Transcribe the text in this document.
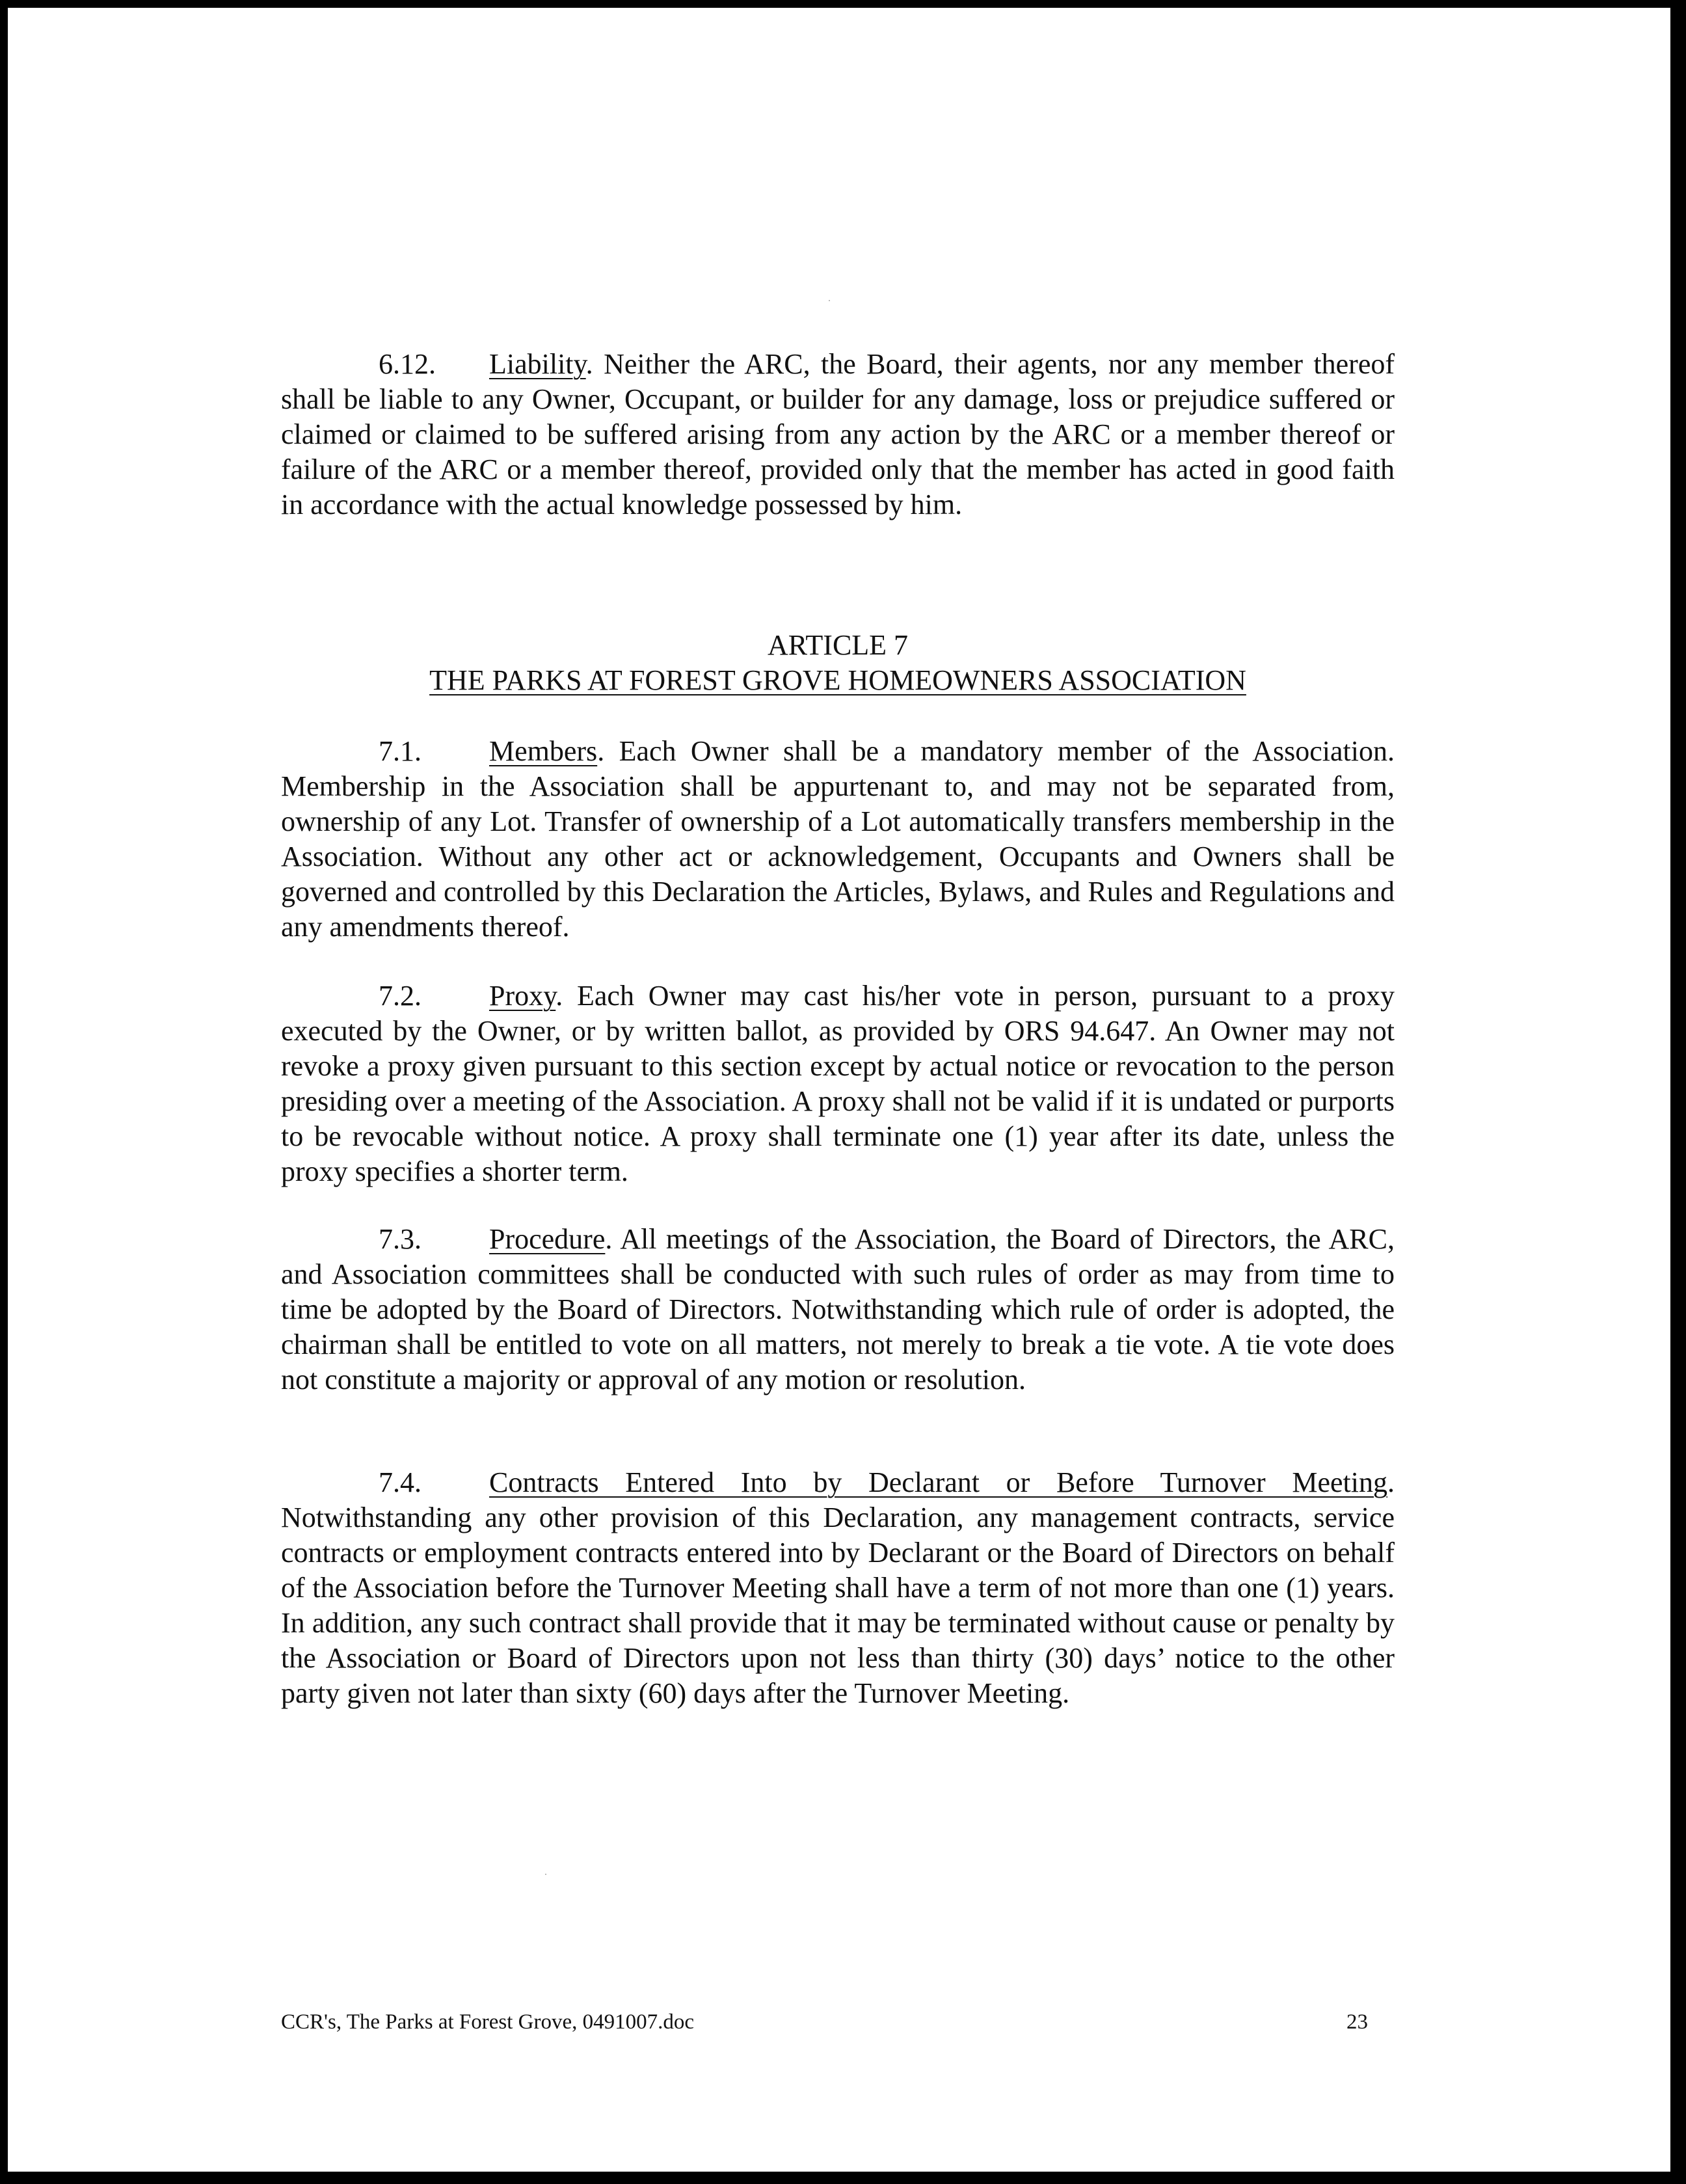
6.12. Liability. Neither the ARC, the Board, their agents, nor any member thereof shall be liable to any Owner, Occupant, or builder for any damage, loss or prejudice suffered or claimed or claimed to be suffered arising from any action by the ARC or a member thereof or failure of the ARC or a member thereof, provided only that the member has acted in good faith in accordance with the actual knowledge possessed by him.

ARTICLE 7
THE PARKS AT FOREST GROVE HOMEOWNERS ASSOCIATION

7.1. Members. Each Owner shall be a mandatory member of the Association. Membership in the Association shall be appurtenant to, and may not be separated from, ownership of any Lot. Transfer of ownership of a Lot automatically transfers membership in the Association. Without any other act or acknowledgement, Occupants and Owners shall be governed and controlled by this Declaration the Articles, Bylaws, and Rules and Regulations and any amendments thereof.

7.2. Proxy. Each Owner may cast his/her vote in person, pursuant to a proxy executed by the Owner, or by written ballot, as provided by ORS 94.647. An Owner may not revoke a proxy given pursuant to this section except by actual notice or revocation to the person presiding over a meeting of the Association. A proxy shall not be valid if it is undated or purports to be revocable without notice. A proxy shall terminate one (1) year after its date, unless the proxy specifies a shorter term.

7.3. Procedure. All meetings of the Association, the Board of Directors, the ARC, and Association committees shall be conducted with such rules of order as may from time to time be adopted by the Board of Directors. Notwithstanding which rule of order is adopted, the chairman shall be entitled to vote on all matters, not merely to break a tie vote. A tie vote does not constitute a majority or approval of any motion or resolution.

7.4. Contracts Entered Into by Declarant or Before Turnover Meeting. Notwithstanding any other provision of this Declaration, any management contracts, service contracts or employment contracts entered into by Declarant or the Board of Directors on behalf of the Association before the Turnover Meeting shall have a term of not more than one (1) years. In addition, any such contract shall provide that it may be terminated without cause or penalty by the Association or Board of Directors upon not less than thirty (30) days’ notice to the other party given not later than sixty (60) days after the Turnover Meeting.

CCR's, The Parks at Forest Grove, 0491007.doc	23
